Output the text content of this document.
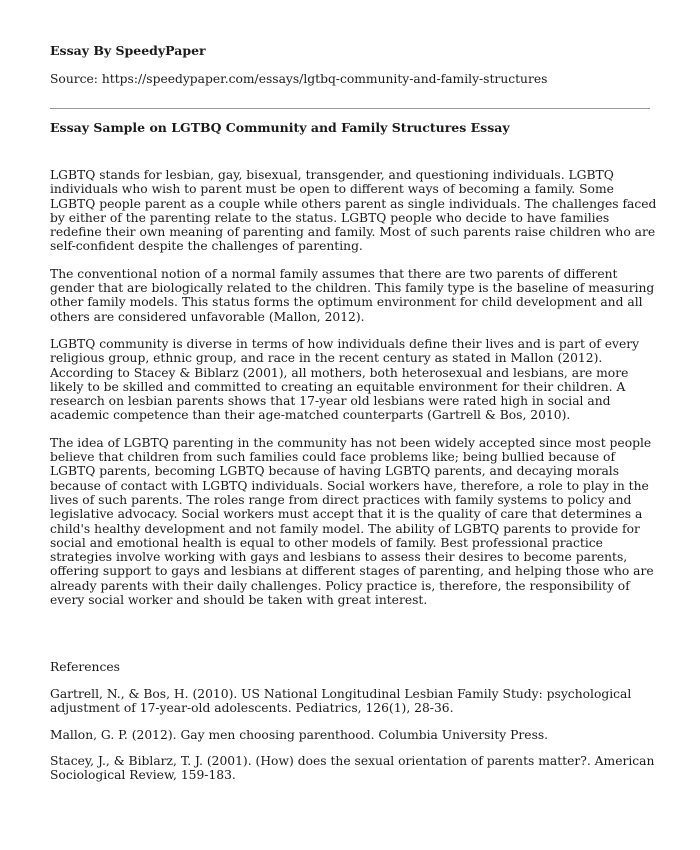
Essay By SpeedyPaper
Source: https://speedypaper.com/essays/lgtbq-community-and-family-structures
Essay Sample on LGTBQ Community and Family Structures Essay

LGBTQ stands for lesbian, gay, bisexual, transgender, and questioning individuals. LGBTQ individuals who wish to parent must be open to different ways of becoming a family. Some LGBTQ people parent as a couple while others parent as single individuals. The challenges faced by either of the parenting relate to the status. LGBTQ people who decide to have families redefine their own meaning of parenting and family. Most of such parents raise children who are self-confident despite the challenges of parenting.

The conventional notion of a normal family assumes that there are two parents of different gender that are biologically related to the children. This family type is the baseline of measuring other family models. This status forms the optimum environment for child development and all others are considered unfavorable (Mallon, 2012).

LGBTQ community is diverse in terms of how individuals define their lives and is part of every religious group, ethnic group, and race in the recent century as stated in Mallon (2012). According to Stacey & Biblarz (2001), all mothers, both heterosexual and lesbians, are more likely to be skilled and committed to creating an equitable environment for their children. A research on lesbian parents shows that 17-year old lesbians were rated high in social and academic competence than their age-matched counterparts (Gartrell & Bos, 2010).

The idea of LGBTQ parenting in the community has not been widely accepted since most people believe that children from such families could face problems like; being bullied because of LGBTQ parents, becoming LGBTQ because of having LGBTQ parents, and decaying morals because of contact with LGBTQ individuals. Social workers have, therefore, a role to play in the lives of such parents. The roles range from direct practices with family systems to policy and legislative advocacy. Social workers must accept that it is the quality of care that determines a child's healthy development and not family model. The ability of LGBTQ parents to provide for social and emotional health is equal to other models of family. Best professional practice strategies involve working with gays and lesbians to assess their desires to become parents, offering support to gays and lesbians at different stages of parenting, and helping those who are already parents with their daily challenges. Policy practice is, therefore, the responsibility of every social worker and should be taken with great interest.

References

Gartrell, N., & Bos, H. (2010). US National Longitudinal Lesbian Family Study: psychological adjustment of 17-year-old adolescents. Pediatrics, 126(1), 28-36.

Mallon, G. P. (2012). Gay men choosing parenthood. Columbia University Press.

Stacey, J., & Biblarz, T. J. (2001). (How) does the sexual orientation of parents matter?. American Sociological Review, 159-183.
